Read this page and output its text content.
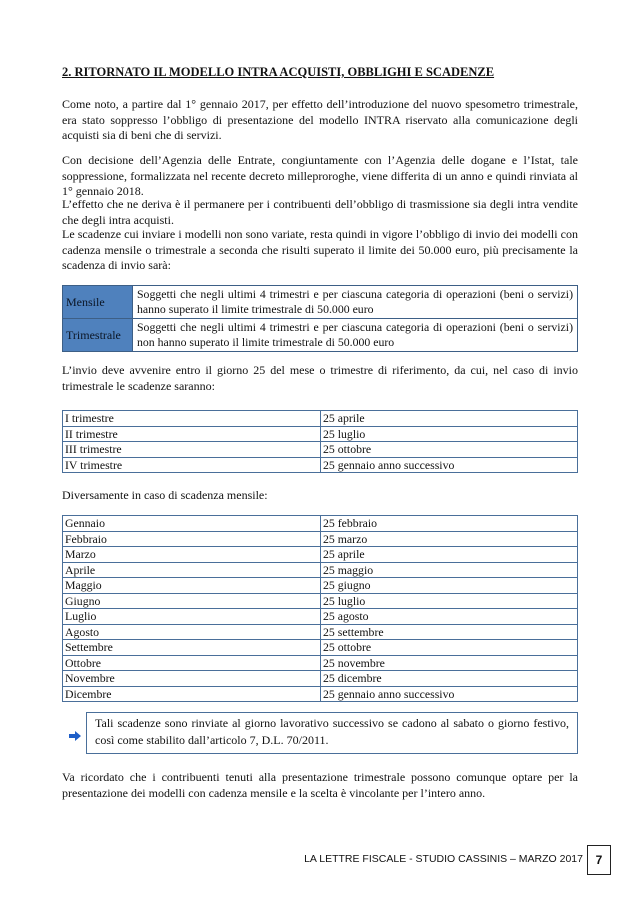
2. RITORNATO IL MODELLO INTRA ACQUISTI, OBBLIGHI E SCADENZE

Come noto, a partire dal 1° gennaio 2017, per effetto dell’introduzione del nuovo spesometro trimestrale, era stato soppresso l’obbligo di presentazione del modello INTRA riservato alla comunicazione degli acquisti sia di beni che di servizi.

Con decisione dell’Agenzia delle Entrate, congiuntamente con l’Agenzia delle dogane e l’Istat, tale soppressione, formalizzata nel recente decreto milleproroghe, viene differita di un anno e quindi rinviata al 1° gennaio 2018.

L’effetto che ne deriva è il permanere per i contribuenti dell’obbligo di trasmissione sia degli intra vendite che degli intra acquisti.

Le scadenze cui inviare i modelli non sono variate, resta quindi in vigore l’obbligo di invio dei modelli con cadenza mensile o trimestrale a seconda che risulti superato il limite dei 50.000 euro, più precisamente la scadenza di invio sarà:

Mensile	Soggetti che negli ultimi 4 trimestri e per ciascuna categoria di operazioni (beni o servizi) hanno superato il limite trimestrale di 50.000 euro
Trimestrale	Soggetti che negli ultimi 4 trimestri e per ciascuna categoria di operazioni (beni o servizi) non hanno superato il limite trimestrale di 50.000 euro

L’invio deve avvenire entro il giorno 25 del mese o trimestre di riferimento, da cui, nel caso di invio trimestrale le scadenze saranno:

I trimestre	25 aprile
II trimestre	25 luglio
III trimestre	25 ottobre
IV trimestre	25 gennaio anno successivo

Diversamente in caso di scadenza mensile:

Gennaio	25 febbraio
Febbraio	25 marzo
Marzo	25 aprile
Aprile	25 maggio
Maggio	25 giugno
Giugno	25 luglio
Luglio	25 agosto
Agosto	25 settembre
Settembre	25 ottobre
Ottobre	25 novembre
Novembre	25 dicembre
Dicembre	25 gennaio anno successivo
Tali scadenze sono rinviate al giorno lavorativo successivo se cadono al sabato o giorno festivo, così come stabilito dall’articolo 7, D.L. 70/2011.

Va ricordato che i contribuenti tenuti alla presentazione trimestrale possono comunque optare per la presentazione dei modelli con cadenza mensile e la scelta è vincolante per l’intero anno.

LA LETTRE FISCALE - STUDIO CASSINIS – MARZO 2017	7
